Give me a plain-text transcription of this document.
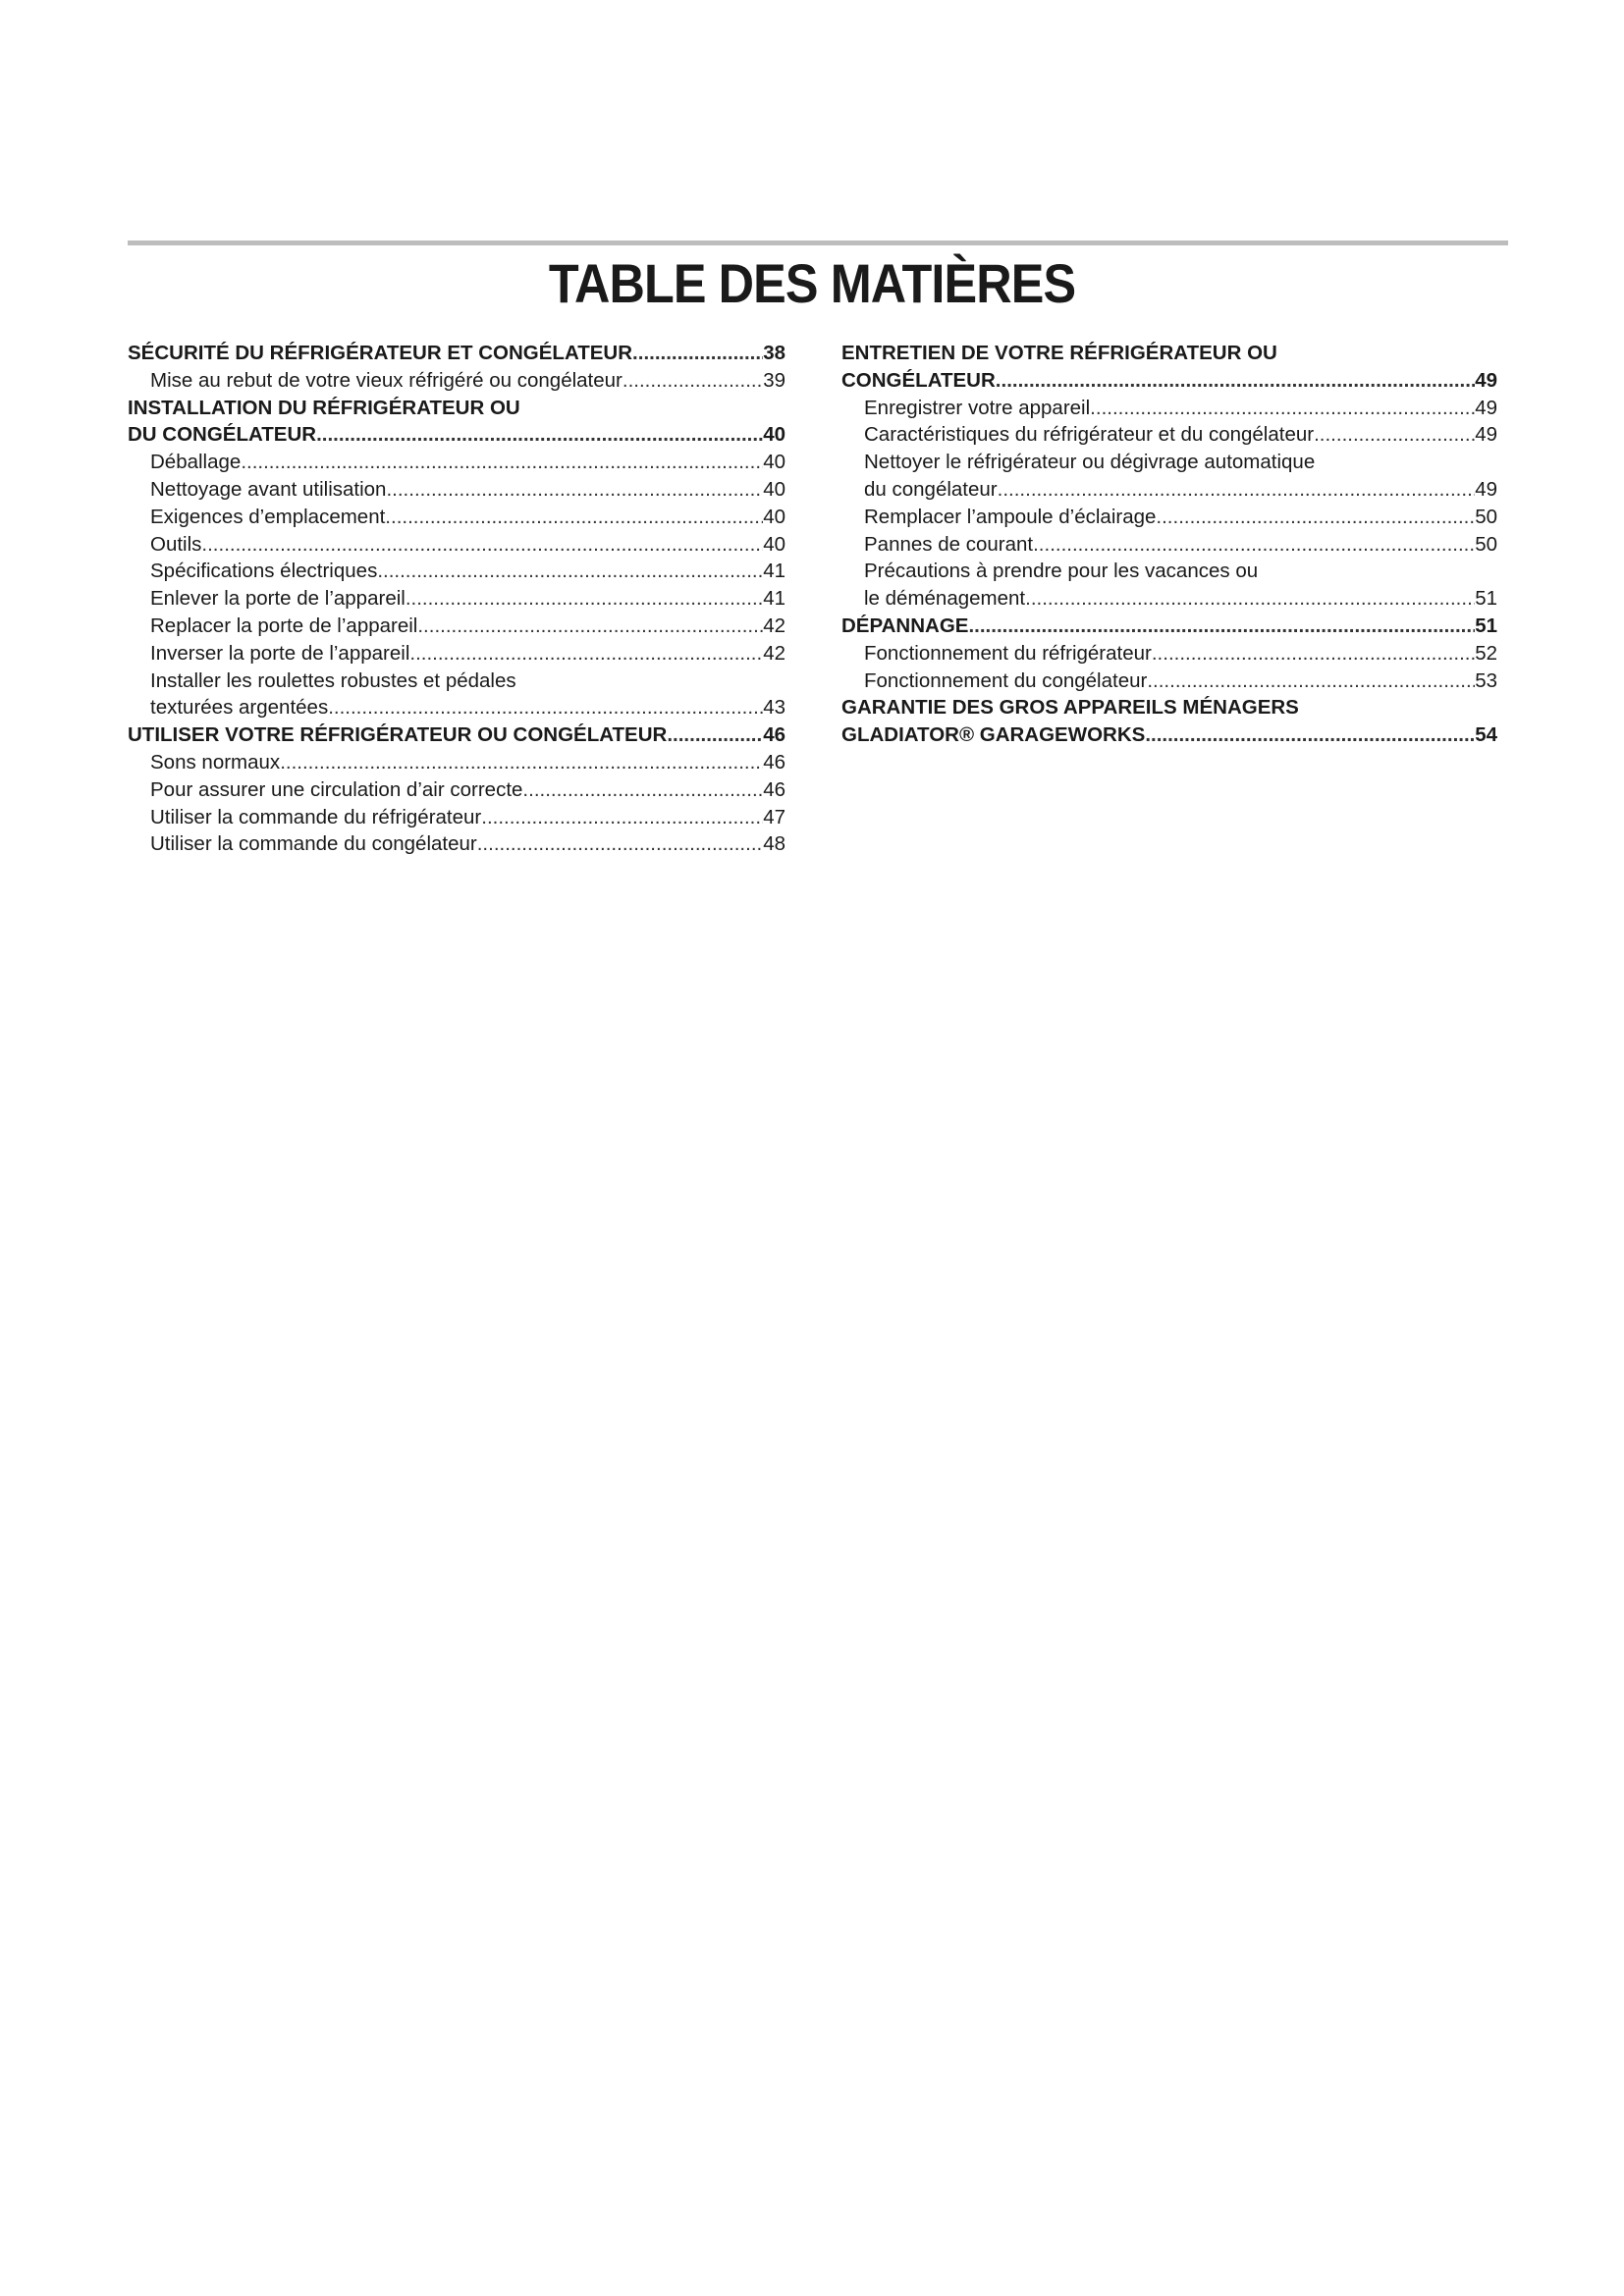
TABLE DES MATIÈRES
SÉCURITÉ DU RÉFRIGÉRATEUR ET CONGÉLATEUR .....	38
Mise au rebut de votre vieux réfrigéré ou congélateur .....	39
INSTALLATION DU RÉFRIGÉRATEUR OU
DU CONGÉLATEUR .....	40
Déballage .....	40
Nettoyage avant utilisation .....	40
Exigences d’emplacement .....	40
Outils .....	40
Spécifications électriques .....	41
Enlever la porte de l’appareil .....	41
Replacer la porte de l’appareil .....	42
Inverser la porte de l’appareil .....	42
Installer les roulettes robustes et pédales
texturées argentées .....	43
UTILISER VOTRE RÉFRIGÉRATEUR OU CONGÉLATEUR .....	46
Sons normaux .....	46
Pour assurer une circulation d’air correcte .....	46
Utiliser la commande du réfrigérateur .....	47
Utiliser la commande du congélateur .....	48
ENTRETIEN DE VOTRE RÉFRIGÉRATEUR OU
CONGÉLATEUR .....	49
Enregistrer votre appareil .....	49
Caractéristiques du réfrigérateur et du congélateur .....	49
Nettoyer le réfrigérateur ou dégivrage automatique
du congélateur .....	49
Remplacer l’ampoule d’éclairage .....	50
Pannes de courant .....	50
Précautions à prendre pour les vacances ou
le déménagement .....	51
DÉPANNAGE .....	51
Fonctionnement du réfrigérateur .....	52
Fonctionnement du congélateur .....	53
GARANTIE DES GROS APPAREILS MÉNAGERS
GLADIATOR® GARAGEWORKS .....	54
